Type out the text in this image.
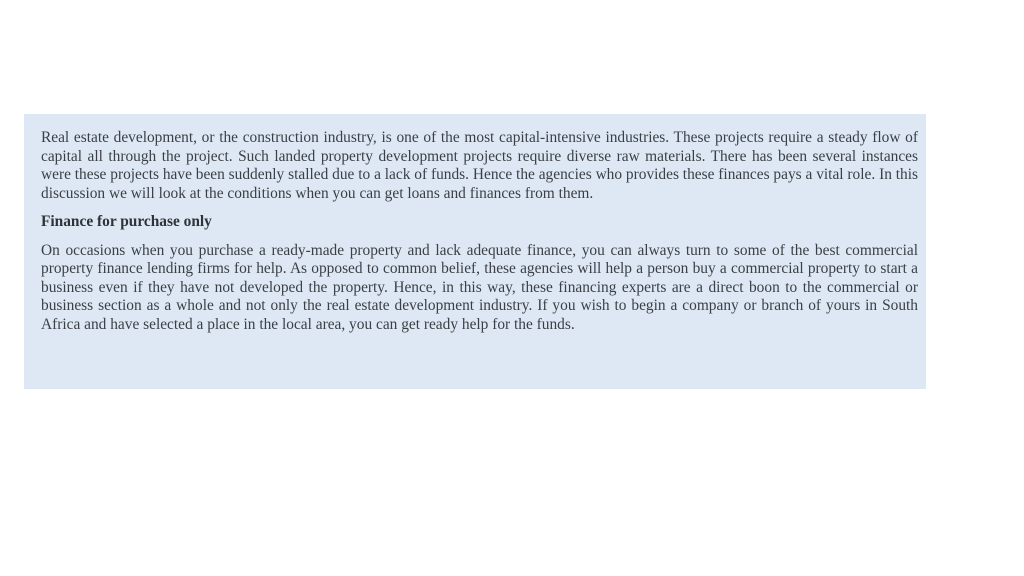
Real estate development, or the construction industry, is one of the most capital-intensive industries. These projects require a steady flow of capital all through the project. Such landed property development projects require diverse raw materials. There has been several instances were these projects have been suddenly stalled due to a lack of funds. Hence the agencies who provides these finances pays a vital role. In this discussion we will look at the conditions when you can get loans and finances from them.

Finance for purchase only

On occasions when you purchase a ready-made property and lack adequate finance, you can always turn to some of the best commercial property finance lending firms for help. As opposed to common belief, these agencies will help a person buy a commercial property to start a business even if they have not developed the property. Hence, in this way, these financing experts are a direct boon to the commercial or business section as a whole and not only the real estate development industry. If you wish to begin a company or branch of yours in South Africa and have selected a place in the local area, you can get ready help for the funds.
